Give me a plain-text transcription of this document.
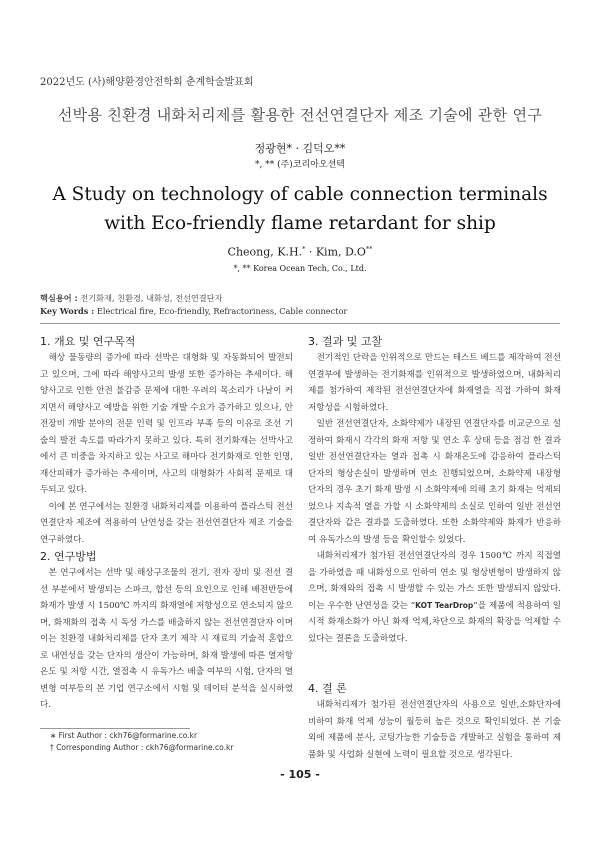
2022년도 (사)해양환경안전학회 춘계학술발표회
선박용 친환경 내화처리제를 활용한 전선연결단자 제조 기술에 관한 연구
정광현* · 김덕오**
*, ** (주)코리아오션텍
A Study on technology of cable connection terminals
with Eco-friendly flame retardant for ship
Cheong, K.H.* · Kim, D.O**
*, ** Korea Ocean Tech, Co., Ltd.
핵심용어 : 전기화재, 친환경, 내화성, 전선연결단자
Key Words : Electrical fire, Eco-friendly, Refractoriness, Cable connector
1. 개요 및 연구목적

해상 물동량의 증가에 따라 선박은 대형화 및 자동화되어 발전되고 있으며, 그에 따라 해양사고의 발생 또한 증가하는 추세이다. 해양사고로 인한 안전 불감증 문제에 대한 우려의 목소리가 나날이 커지면서 해양사고 예방을 위한 기술 개발 수요가 증가하고 있으나, 안전장비 개발 분야의 전문 인력 및 인프라 부족 등의 이유로 조선 기술의 발전 속도를 따라가지 못하고 있다. 특히 전기화재는 선박사고에서 큰 비중을 차지하고 있는 사고로 해마다 전기화재로 인한 인명, 재산피해가 증가하는 추세이며, 사고의 대형화가 사회적 문제로 대두되고 있다.

이에 본 연구에서는 친환경 내화처리제를 이용하여 플라스틱 전선연결단자 제조에 적용하여 난연성을 갖는 전선연결단자 제조 기술을 연구하였다.

2. 연구방법

본 연구에서는 선박 및 해상구조물의 전기, 전자 장비 및 전선 결선 부분에서 발생되는 스파크, 합선 등의 요인으로 인해 배전반등에 화재가 발생 시 1500℃ 까지의 화재열에 저항성으로 연소되지 않으며, 화재화의 접촉 시 독성 가스를 배출하지 않는 전선연결단자 이며 이는 친환경 내화처리제를 단자 초기 제작 시 재료의 기술적 혼합으로 내연성을 갖는 단자의 생산이 가능하며, 화재 발생에 따른 열저항 온도 및 저항 시간, 열접촉 시 유독가스 배출 여부의 시험, 단자의 열변형 여부등의 본 기업 연구소에서 시험 및 데이터 분석을 실시하였다.

3. 결과 및 고찰

전기적인 단락을 인위적으로 만드는 테스트 베드를 제작하여 전선 연결부에 발생하는 전기화재를 인위적으로 발생하였으며, 내화처리제를 첨가하여 제작된 전선연결단자에 화재열을 직접 가하여 화재 저항성을 시험하였다.

일반 전선연결단자, 소화약제가 내장된 연결단자를 비교군으로 설정하여 화재시 각각의 화재 저항 및 연소 후 상태 등을 점검 한 결과 일반 전선연결단자는 열과 접촉 시 화재온도에 감응하여 플라스틱 단자의 형상손실이 발생하며 연소 진행되었으며, 소화약제 내장형 단자의 경우 초기 화재 발생 시 소화약제에 의해 초기 화재는 억제되었으나 지속적 열을 가할 시 소화약제의 소실로 인하여 일반 전선연결단자와 같은 결과를 도출하였다. 또한 소화약제와 화재가 반응하여 유독가스의 발생 등을 확인할수 있었다.

내화처리제가 첨가된 전선연결단자의 경우 1500℃ 까지 직접열을 가하였을 때 내화성으로 인하여 연소 및 형상변형이 발생하지 않으며, 화재와의 접촉 시 발생할 수 있는 가스 또한 발생되지 않았다. 이는 우수한 난연성을 갖는 “KOT TearDrop”을 제품에 적용하여 일시적 화재소화가 아닌 화재 억제,차단으로 화재의 확장을 억제할 수 있다는 결론을 도출하였다.

4. 결 론

내화처리제가 첨가된 전선연결단자의 사용으로 일반,소화단자에 비하여 화재 억제 성능이 월등히 높은 것으로 확인되었다. 본 기술 외에 제품에 분사, 코팅가능한 기술등을 개발하고 실험을 통하여 제품화 및 사업화 실현에 노력이 필요할 것으로 생각된다.

∗ First Author : ckh76@formarine.co.kr
† Corresponding Author : ckh76@formarine.co.kr
- 105 -
